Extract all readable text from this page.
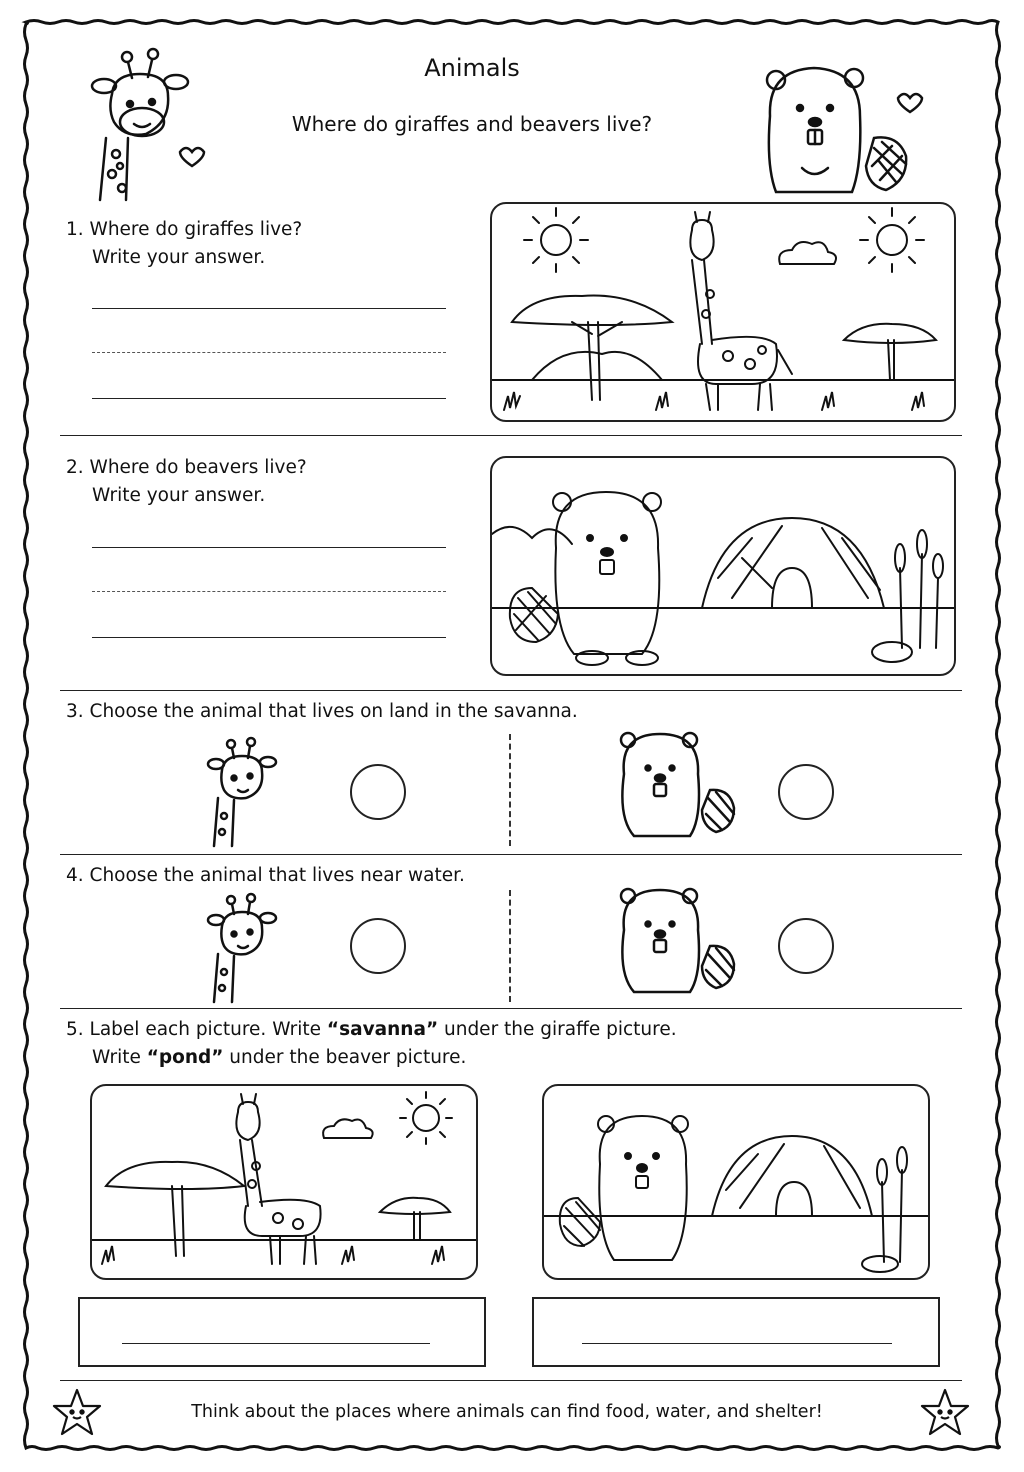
Animals
Where do giraffes and beavers live?
1. Where do giraffes live?
Write your answer.
2. Where do beavers live?
Write your answer.
3. Choose the animal that lives on land in the savanna.
4. Choose the animal that lives near water.
5. Label each picture. Write “savanna” under the giraffe picture.
Write “pond” under the beaver picture.
Think about the places where animals can find food, water, and shelter!
